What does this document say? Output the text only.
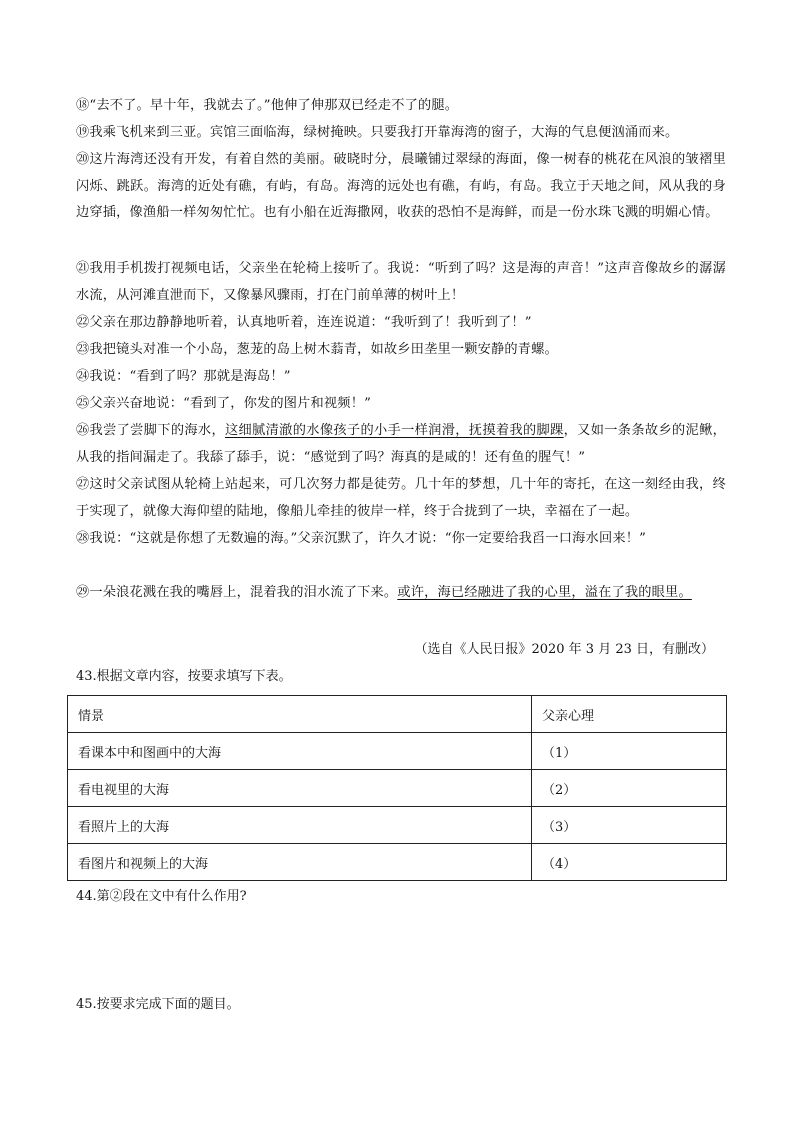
⑱“去不了。早十年，我就去了。”他伸了伸那双已经走不了的腿。

⑲我乘飞机来到三亚。宾馆三面临海，绿树掩映。只要我打开靠海湾的窗子，大海的气息便汹涌而来。

⑳这片海湾还没有开发，有着自然的美丽。破晓时分，晨曦铺过翠绿的海面，像一树春的桃花在风浪的皱褶里闪烁、跳跃。海湾的近处有礁，有屿，有岛。海湾的远处也有礁，有屿，有岛。我立于天地之间，风从我的身边穿插，像渔船一样匆匆忙忙。也有小船在近海撒网，收获的恐怕不是海鲜，而是一份水珠飞溅的明媚心情。

㉑我用手机拨打视频电话，父亲坐在轮椅上接听了。我说：“听到了吗？这是海的声音！”这声音像故乡的潺潺水流，从河滩直泄而下，又像暴风骤雨，打在门前单薄的树叶上！

㉒父亲在那边静静地听着，认真地听着，连连说道：“我听到了！我听到了！”

㉓我把镜头对准一个小岛，葱茏的岛上树木蓊青，如故乡田垄里一颗安静的青螺。

㉔我说：“看到了吗？那就是海岛！”

㉕父亲兴奋地说：“看到了，你发的图片和视频！”

㉖我尝了尝脚下的海水，这细腻清澈的水像孩子的小手一样润滑，抚摸着我的脚踝，又如一条条故乡的泥鳅，从我的指间漏走了。我舔了舔手，说：“感觉到了吗？海真的是咸的！还有鱼的腥气！”

㉗这时父亲试图从轮椅上站起来，可几次努力都是徒劳。几十年的梦想，几十年的寄托，在这一刻经由我，终于实现了，就像大海仰望的陆地，像船儿牵挂的彼岸一样，终于合拢到了一块，幸福在了一起。

㉘我说：“这就是你想了无数遍的海。”父亲沉默了，许久才说：“你一定要给我舀一口海水回来！”

㉙一朵浪花溅在我的嘴唇上，混着我的泪水流了下来。或许，海已经融进了我的心里，溢在了我的眼里。

（选自《人民日报》2020 年 3 月 23 日，有删改）

43.根据文章内容，按要求填写下表。

情景	父亲心理
看课本中和图画中的大海	（1）
看电视里的大海	（2）
看照片上的大海	（3）
看图片和视频上的大海	（4）

44.第②段在文中有什么作用?

45.按要求完成下面的题目。
